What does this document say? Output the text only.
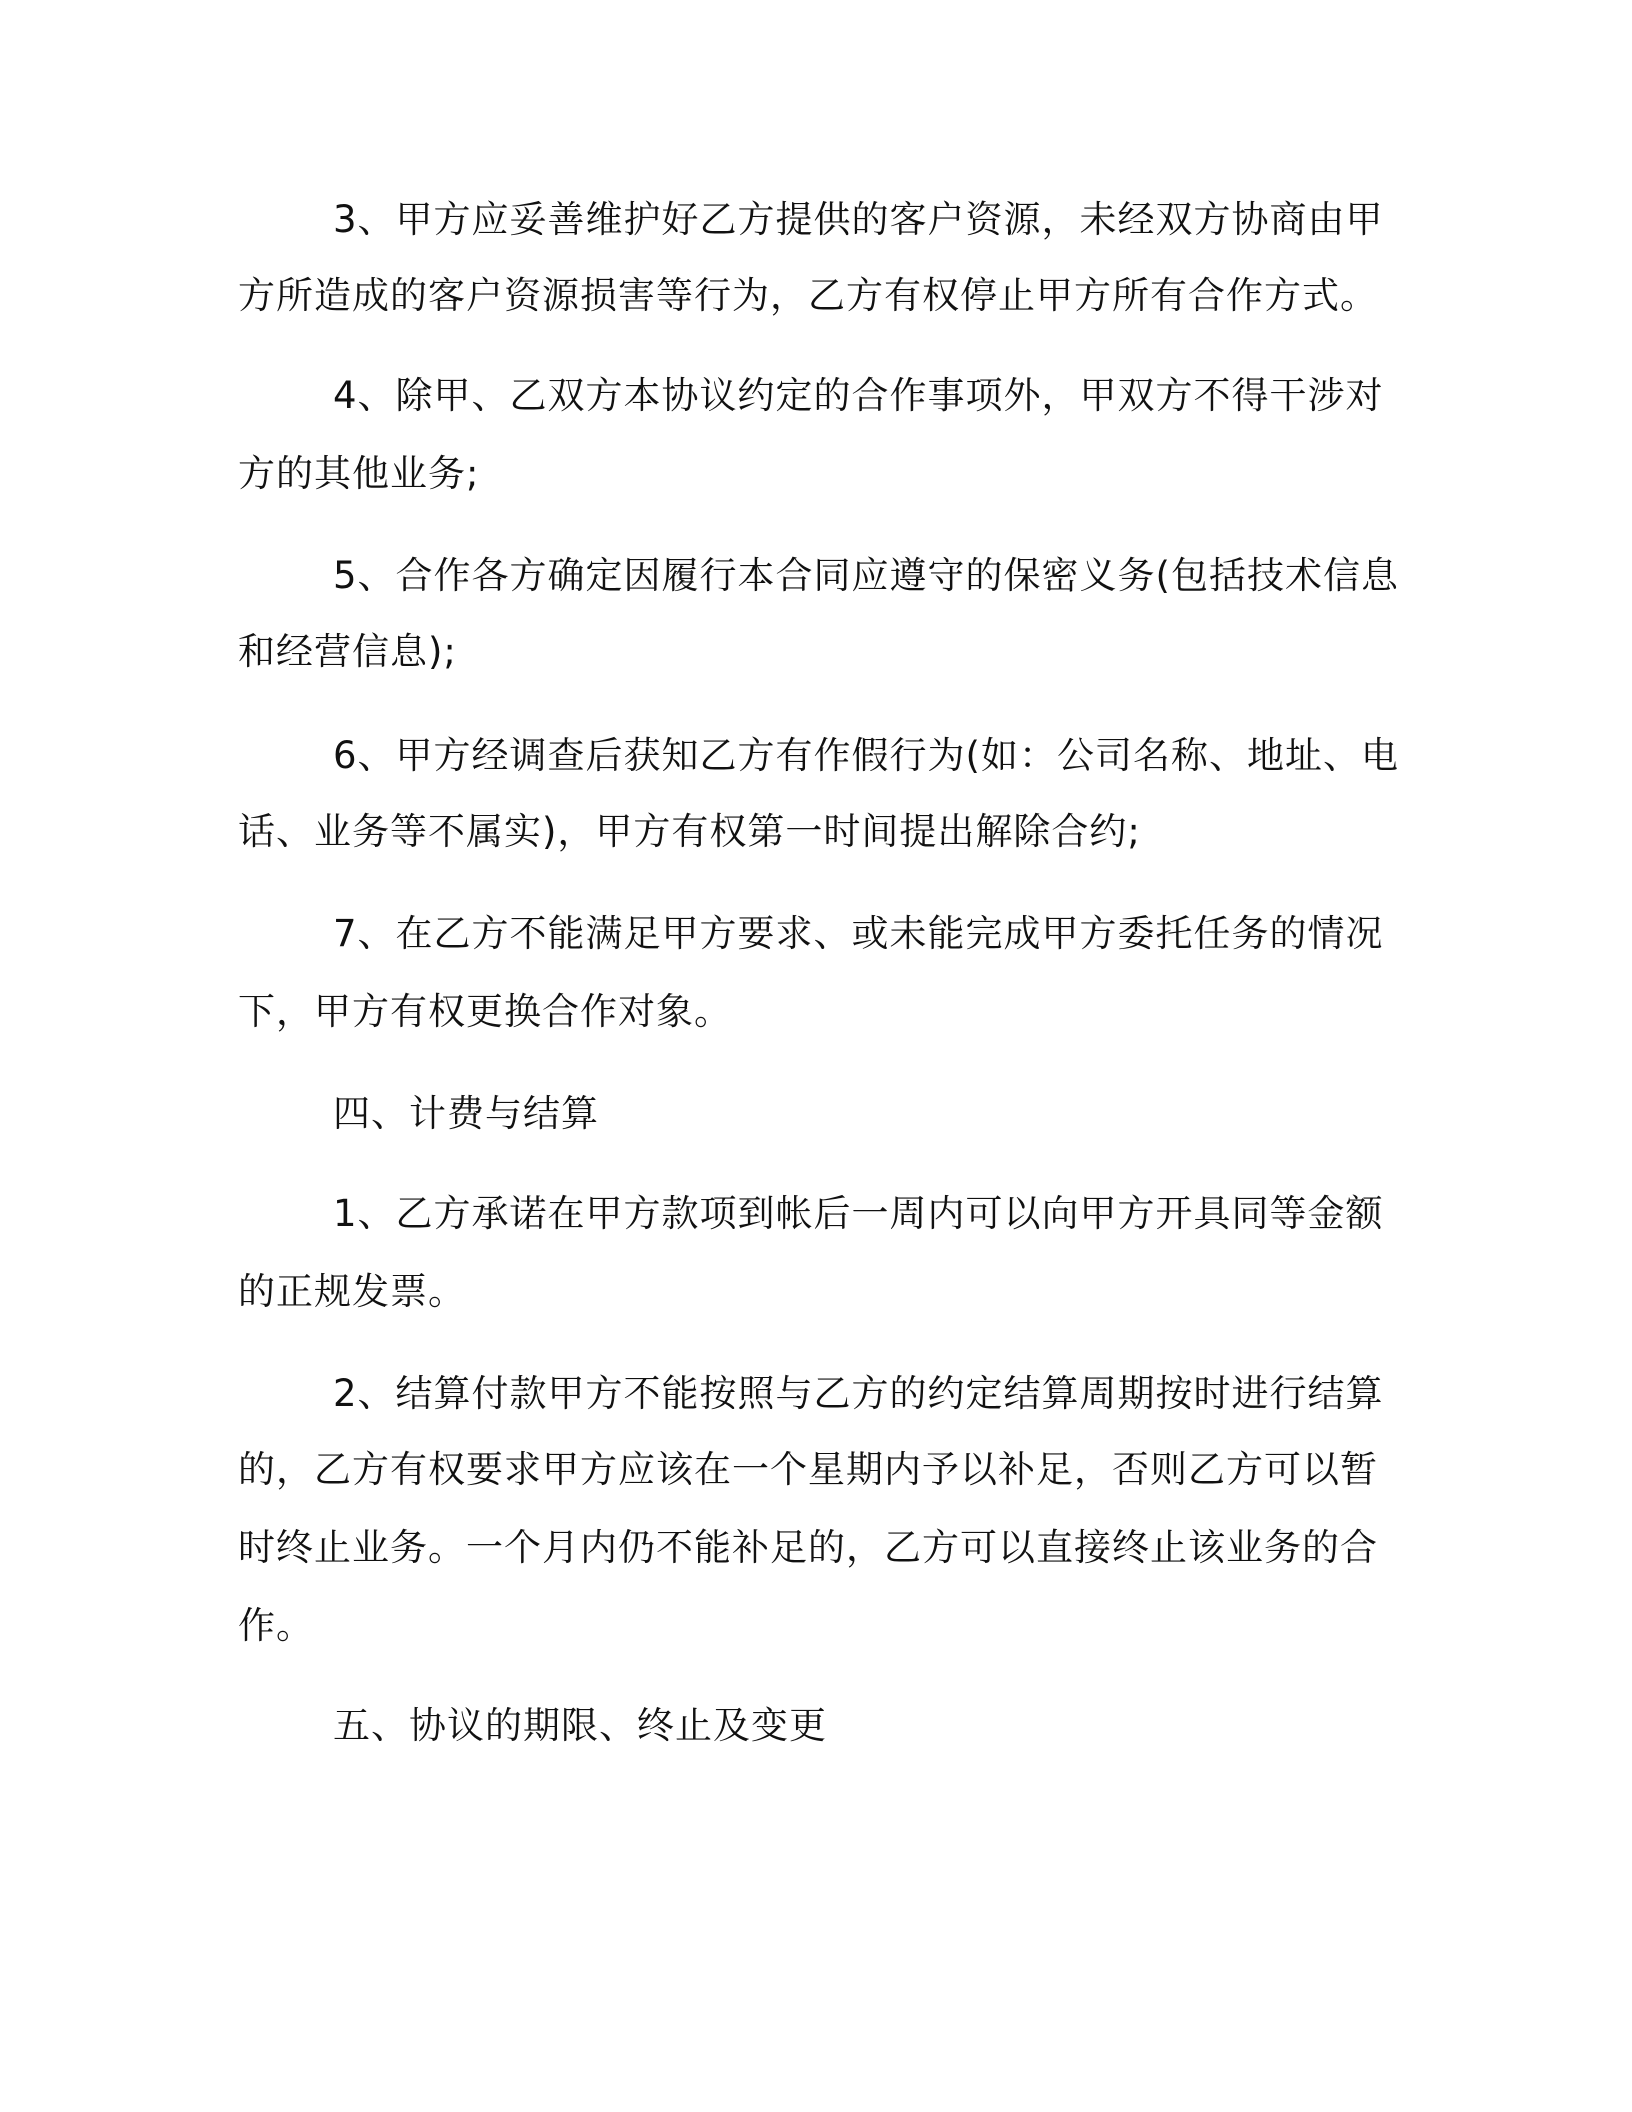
3、甲方应妥善维护好乙方提供的客户资源，未经双方协商由甲
方所造成的客户资源损害等行为，乙方有权停止甲方所有合作方式。
4、除甲、乙双方本协议约定的合作事项外，甲双方不得干涉对
方的其他业务;
5、合作各方确定因履行本合同应遵守的保密义务(包括技术信息
和经营信息);
6、甲方经调查后获知乙方有作假行为(如：公司名称、地址、电
话、业务等不属实)，甲方有权第一时间提出解除合约;
7、在乙方不能满足甲方要求、或未能完成甲方委托任务的情况
下，甲方有权更换合作对象。
四、计费与结算
1、乙方承诺在甲方款项到帐后一周内可以向甲方开具同等金额
的正规发票。
2、结算付款甲方不能按照与乙方的约定结算周期按时进行结算
的，乙方有权要求甲方应该在一个星期内予以补足，否则乙方可以暂
时终止业务。一个月内仍不能补足的，乙方可以直接终止该业务的合
作。
五、协议的期限、终止及变更
